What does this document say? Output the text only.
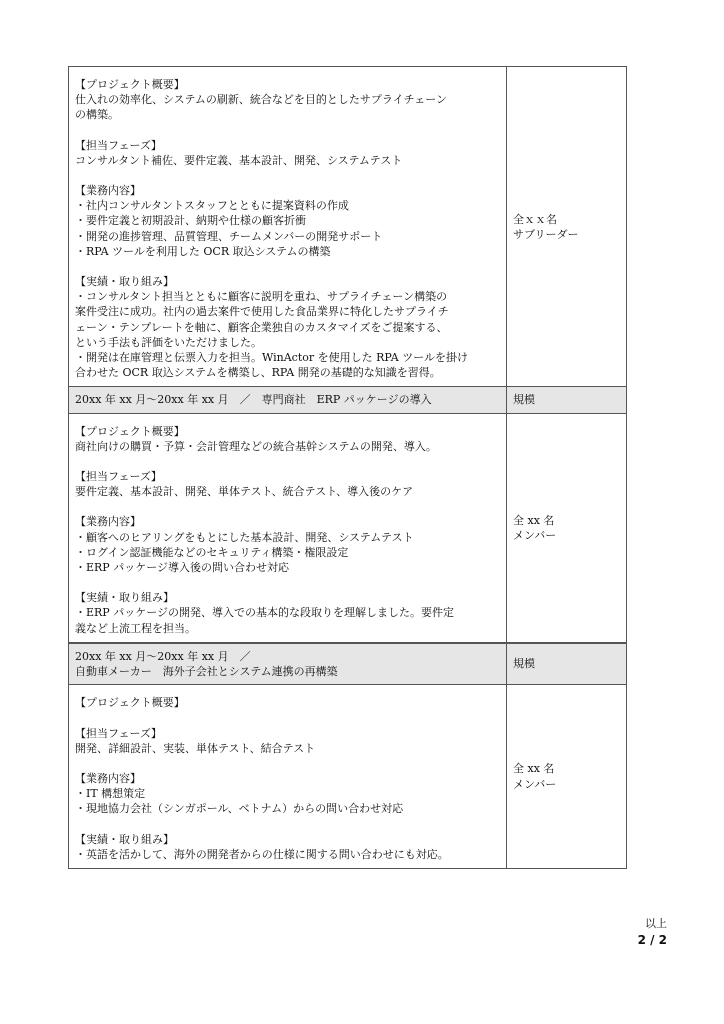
【プロジェクト概要】
仕入れの効率化、システムの刷新、統合などを目的としたサプライチェーン
の構築。
【担当フェーズ】
コンサルタント補佐、要件定義、基本設計、開発、システムテスト
【業務内容】
・社内コンサルタントスタッフとともに提案資料の作成
・要件定義と初期設計、納期や仕様の顧客折衝
・開発の進捗管理、品質管理、チームメンバーの開発サポート
・RPA ツールを利用した OCR 取込システムの構築
【実績・取り組み】
・コンサルタント担当とともに顧客に説明を重ね、サプライチェーン構築の
案件受注に成功。社内の過去案件で使用した食品業界に特化したサプライチ
ェーン・テンプレートを軸に、顧客企業独自のカスタマイズをご提案する、
という手法も評価をいただけました。
・開発は在庫管理と伝票入力を担当。WinActor を使用した RPA ツールを掛け
合わせた OCR 取込システムを構築し、RPA 開発の基礎的な知識を習得。
全ｘｘ名
サブリーダー
20xx 年 xx 月～20xx 年 xx 月　／　専門商社　ERP パッケージの導入	規模
【プロジェクト概要】
商社向けの購買・予算・会計管理などの統合基幹システムの開発、導入。
【担当フェーズ】
要件定義、基本設計、開発、単体テスト、統合テスト、導入後のケア
【業務内容】
・顧客へのヒアリングをもとにした基本設計、開発、システムテスト
・ログイン認証機能などのセキュリティ構築・権限設定
・ERP パッケージ導入後の問い合わせ対応
【実績・取り組み】
・ERP パッケージの開発、導入での基本的な段取りを理解しました。要件定
義など上流工程を担当。
全 xx 名
メンバー
20xx 年 xx 月～20xx 年 xx 月　／
自動車メーカー　海外子会社とシステム連携の再構築
規模
【プロジェクト概要】
【担当フェーズ】
開発、詳細設計、実装、単体テスト、結合テスト
【業務内容】
・IT 構想策定
・現地協力会社（シンガポール、ベトナム）からの問い合わせ対応
【実績・取り組み】
・英語を活かして、海外の開発者からの仕様に関する問い合わせにも対応。
全 xx 名
メンバー
以上
2 / 2
